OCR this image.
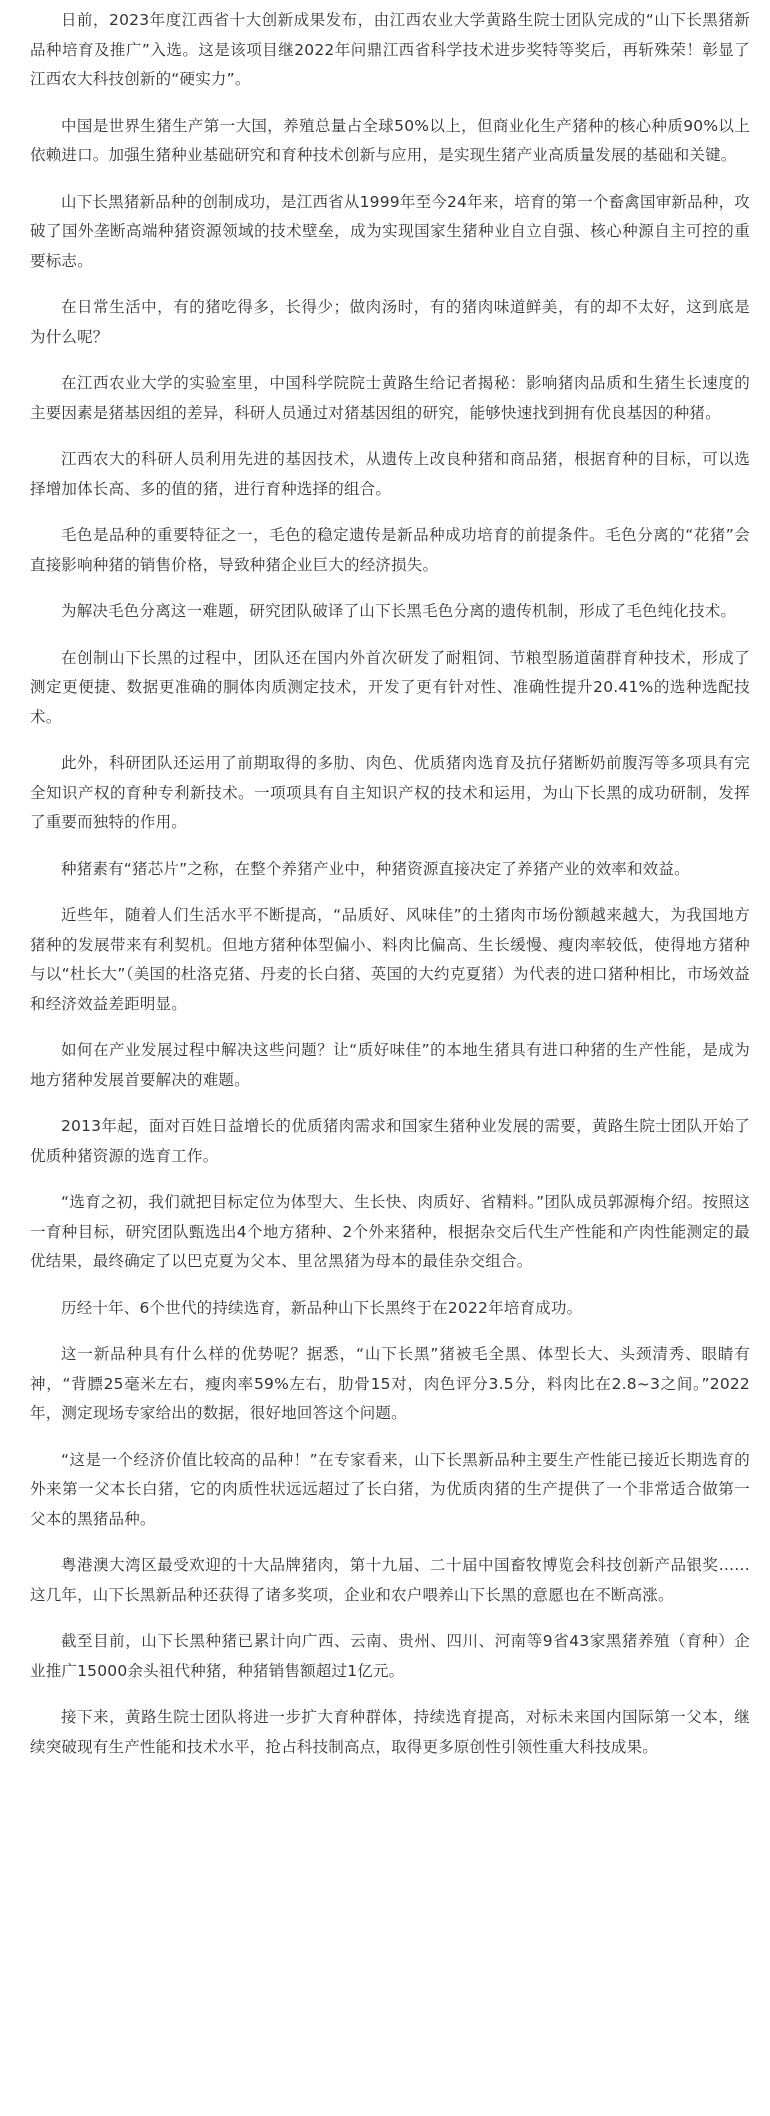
日前，2023年度江西省十大创新成果发布，由江西农业大学黄路生院士团队完成的“山下长黑猪新品种培育及推广”入选。这是该项目继2022年问鼎江西省科学技术进步奖特等奖后，再斩殊荣！彰显了江西农大科技创新的“硬实力”。

中国是世界生猪生产第一大国，养殖总量占全球50%以上，但商业化生产猪种的核心种质90%以上依赖进口。加强生猪种业基础研究和育种技术创新与应用，是实现生猪产业高质量发展的基础和关键。

山下长黑猪新品种的创制成功，是江西省从1999年至今24年来，培育的第一个畜禽国审新品种，攻破了国外垄断高端种猪资源领域的技术壁垒，成为实现国家生猪种业自立自强、核心种源自主可控的重要标志。

在日常生活中，有的猪吃得多，长得少；做肉汤时，有的猪肉味道鲜美，有的却不太好，这到底是为什么呢？

在江西农业大学的实验室里，中国科学院院士黄路生给记者揭秘：影响猪肉品质和生猪生长速度的主要因素是猪基因组的差异，科研人员通过对猪基因组的研究，能够快速找到拥有优良基因的种猪。

江西农大的科研人员利用先进的基因技术，从遗传上改良种猪和商品猪，根据育种的目标，可以选择增加体长高、多的值的猪，进行育种选择的组合。

毛色是品种的重要特征之一，毛色的稳定遗传是新品种成功培育的前提条件。毛色分离的“花猪”会直接影响种猪的销售价格，导致种猪企业巨大的经济损失。

为解决毛色分离这一难题，研究团队破译了山下长黑毛色分离的遗传机制，形成了毛色纯化技术。

在创制山下长黑的过程中，团队还在国内外首次研发了耐粗饲、节粮型肠道菌群育种技术，形成了测定更便捷、数据更准确的胴体肉质测定技术，开发了更有针对性、准确性提升20.41%的选种选配技术。

此外，科研团队还运用了前期取得的多肋、肉色、优质猪肉选育及抗仔猪断奶前腹泻等多项具有完全知识产权的育种专利新技术。一项项具有自主知识产权的技术和运用，为山下长黑的成功研制，发挥了重要而独特的作用。

种猪素有“猪芯片”之称，在整个养猪产业中，种猪资源直接决定了养猪产业的效率和效益。

近些年，随着人们生活水平不断提高，“品质好、风味佳”的土猪肉市场份额越来越大，为我国地方猪种的发展带来有利契机。但地方猪种体型偏小、料肉比偏高、生长缓慢、瘦肉率较低，使得地方猪种与以“杜长大”（美国的杜洛克猪、丹麦的长白猪、英国的大约克夏猪）为代表的进口猪种相比，市场效益和经济效益差距明显。

如何在产业发展过程中解决这些问题？让“质好味佳”的本地生猪具有进口种猪的生产性能，是成为地方猪种发展首要解决的难题。

2013年起，面对百姓日益增长的优质猪肉需求和国家生猪种业发展的需要，黄路生院士团队开始了优质种猪资源的选育工作。

“选育之初，我们就把目标定位为体型大、生长快、肉质好、省精料。”团队成员郭源梅介绍。按照这一育种目标，研究团队甄选出4个地方猪种、2个外来猪种，根据杂交后代生产性能和产肉性能测定的最优结果，最终确定了以巴克夏为父本、里岔黑猪为母本的最佳杂交组合。

历经十年、6个世代的持续选育，新品种山下长黑终于在2022年培育成功。

这一新品种具有什么样的优势呢？据悉，“山下长黑”猪被毛全黑、体型长大、头颈清秀、眼睛有神，“背膘25毫米左右，瘦肉率59%左右，肋骨15对，肉色评分3.5分，料肉比在2.8~3之间。”2022年，测定现场专家给出的数据，很好地回答这个问题。

“这是一个经济价值比较高的品种！”在专家看来，山下长黑新品种主要生产性能已接近长期选育的外来第一父本长白猪，它的肉质性状远远超过了长白猪，为优质肉猪的生产提供了一个非常适合做第一父本的黑猪品种。

粤港澳大湾区最受欢迎的十大品牌猪肉，第十九届、二十届中国畜牧博览会科技创新产品银奖……这几年，山下长黑新品种还获得了诸多奖项，企业和农户喂养山下长黑的意愿也在不断高涨。

截至目前，山下长黑种猪已累计向广西、云南、贵州、四川、河南等9省43家黑猪养殖（育种）企业推广15000余头祖代种猪，种猪销售额超过1亿元。

接下来，黄路生院士团队将进一步扩大育种群体，持续选育提高，对标未来国内国际第一父本，继续突破现有生产性能和技术水平，抢占科技制高点，取得更多原创性引领性重大科技成果。
